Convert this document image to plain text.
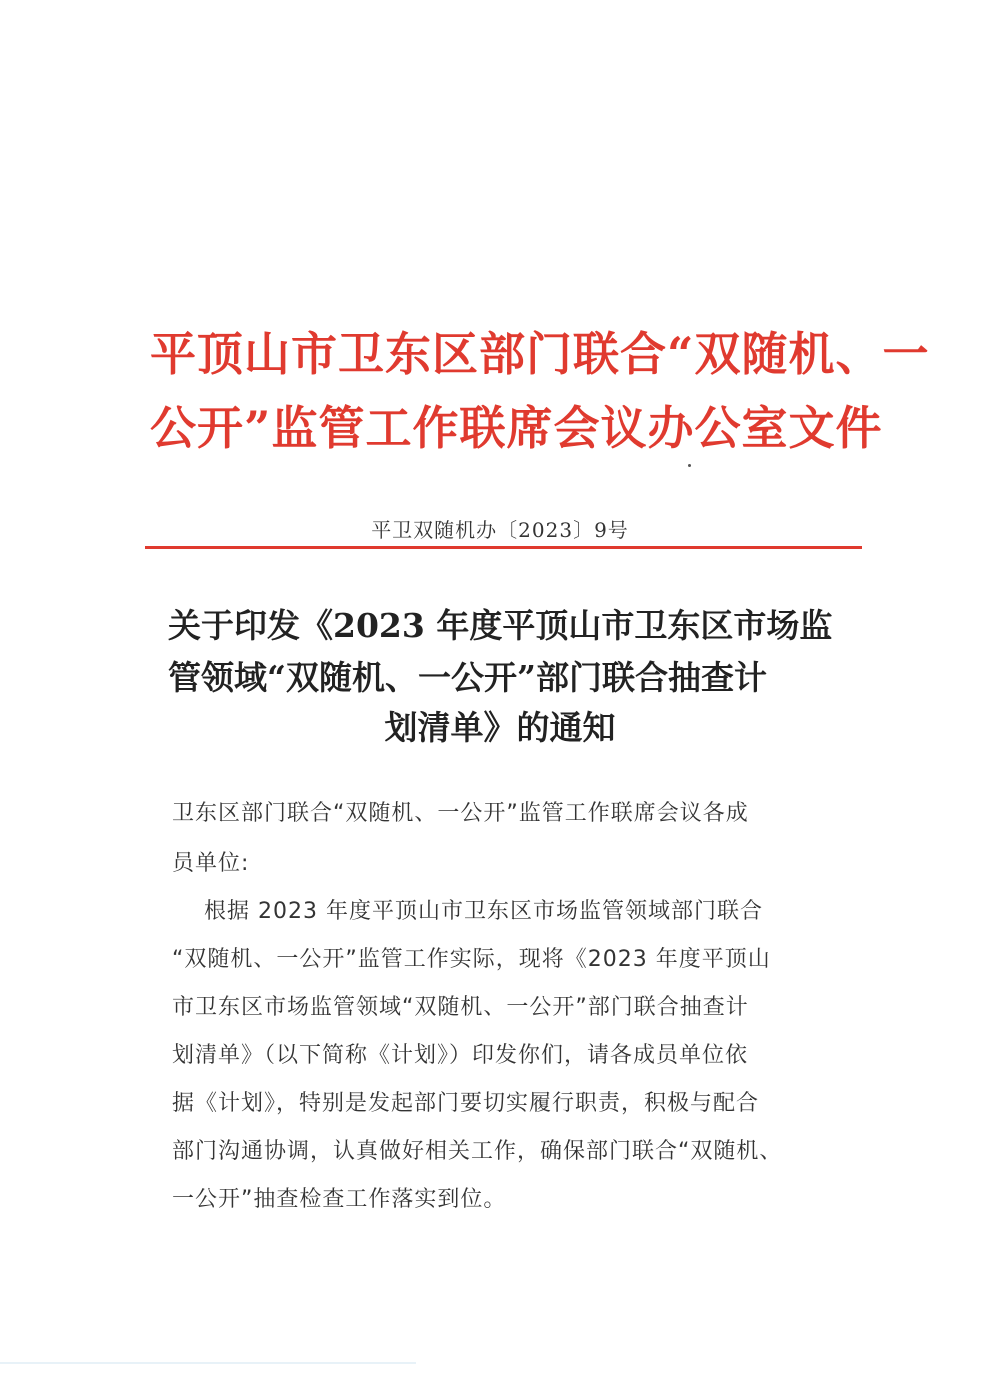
平顶山市卫东区部门联合“双随机、一
公开”监管工作联席会议办公室文件
平卫双随机办〔2023〕9号
关于印发《2023 年度平顶山市卫东区市场监
管领域“双随机、一公开”部门联合抽查计
划清单》的通知

卫东区部门联合“双随机、一公开”监管工作联席会议各成

员单位:

根据 2023 年度平顶山市卫东区市场监管领域部门联合

“双随机、一公开”监管工作实际，现将《2023 年度平顶山

市卫东区市场监管领域“双随机、一公开”部门联合抽查计

划清单》（以下简称《计划》）印发你们，请各成员单位依

据《计划》，特别是发起部门要切实履行职责，积极与配合

部门沟通协调，认真做好相关工作，确保部门联合“双随机、

一公开”抽查检查工作落实到位。
